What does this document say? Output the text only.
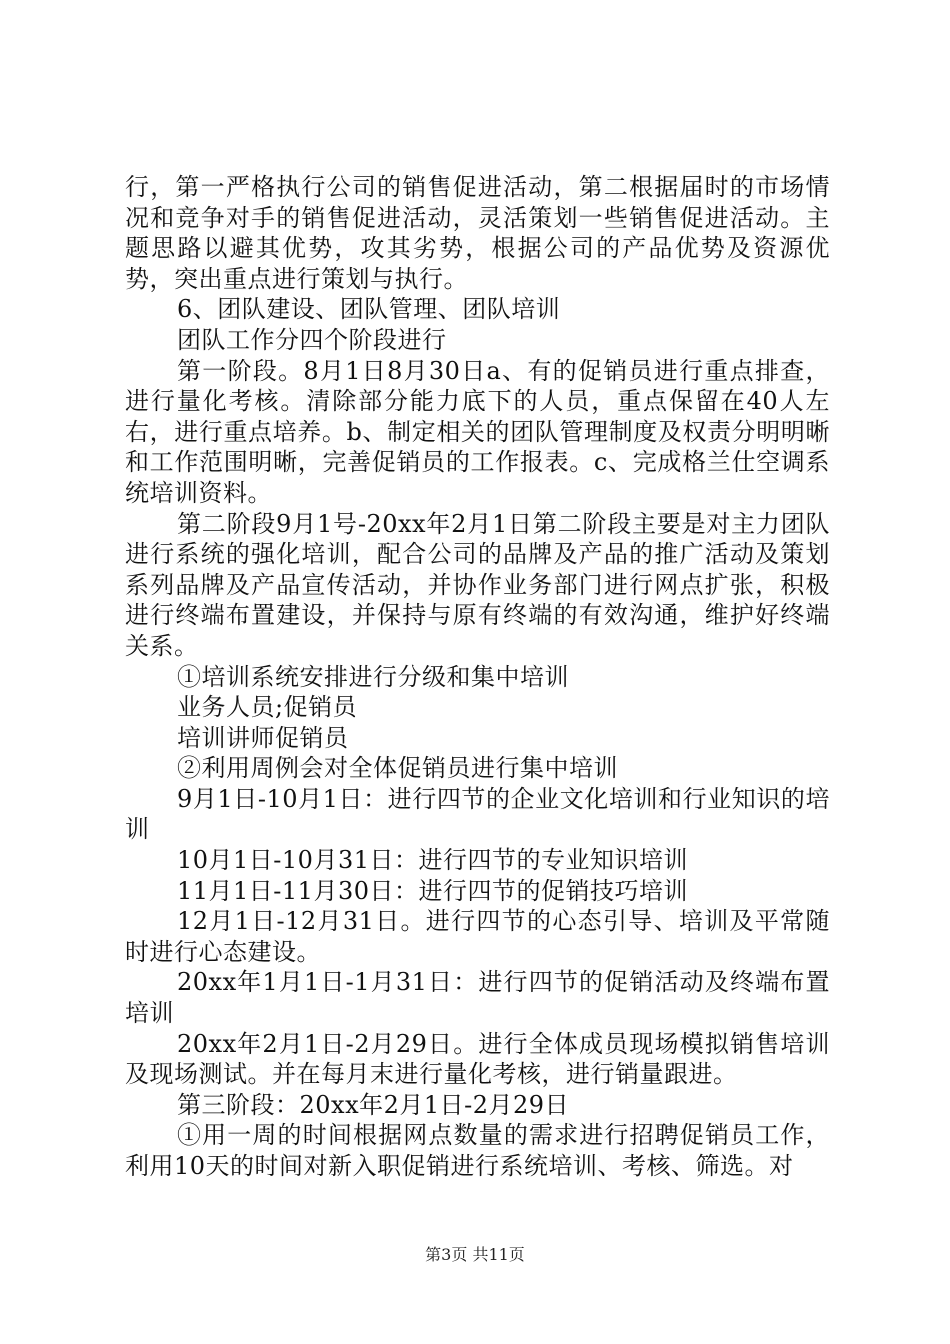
行，第一严格执行公司的销售促进活动，第二根据届时的市场情况和竞争对手的销售促进活动，灵活策划一些销售促进活动。主题思路以避其优势，攻其劣势，根据公司的产品优势及资源优势，突出重点进行策划与执行。

6、团队建设、团队管理、团队培训

团队工作分四个阶段进行

第一阶段。8月1日8月30日a、有的促销员进行重点排查，进行量化考核。清除部分能力底下的人员，重点保留在40人左右，进行重点培养。b、制定相关的团队管理制度及权责分明明晰和工作范围明晰，完善促销员的工作报表。c、完成格兰仕空调系统培训资料。

第二阶段9月1号-20xx年2月1日第二阶段主要是对主力团队进行系统的强化培训，配合公司的品牌及产品的推广活动及策划系列品牌及产品宣传活动，并协作业务部门进行网点扩张，积极进行终端布置建设，并保持与原有终端的有效沟通，维护好终端关系。

①培训系统安排进行分级和集中培训

业务人员;促销员

培训讲师促销员

②利用周例会对全体促销员进行集中培训

9月1日-10月1日：进行四节的企业文化培训和行业知识的培训

10月1日-10月31日：进行四节的专业知识培训

11月1日-11月30日：进行四节的促销技巧培训

12月1日-12月31日。进行四节的心态引导、培训及平常随时进行心态建设。

20xx年1月1日-1月31日：进行四节的促销活动及终端布置培训

20xx年2月1日-2月29日。进行全体成员现场模拟销售培训及现场测试。并在每月末进行量化考核，进行销量跟进。

第三阶段：20xx年2月1日-2月29日

①用一周的时间根据网点数量的需求进行招聘促销员工作，利用10天的时间对新入职促销进行系统培训、考核、筛选。对

第3页 共11页
